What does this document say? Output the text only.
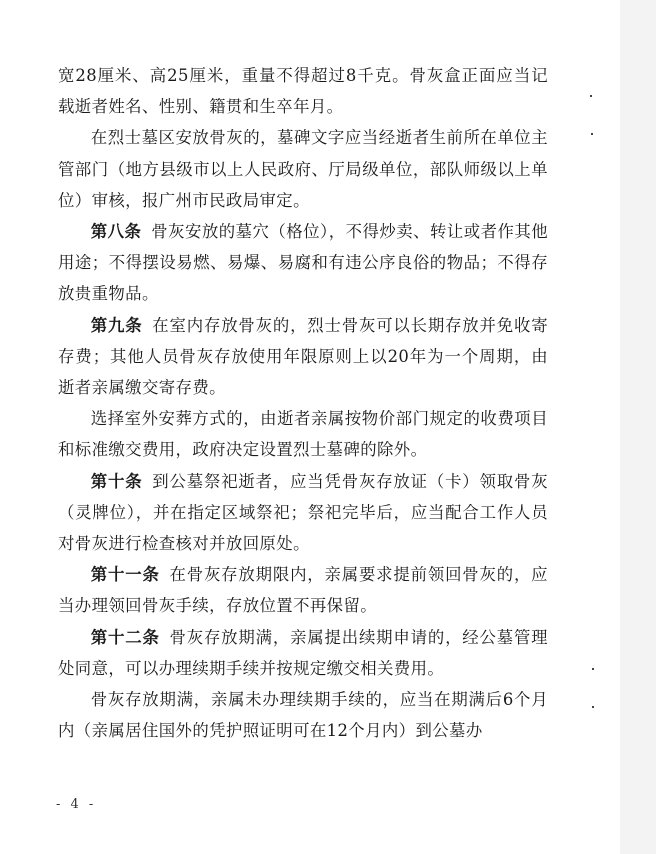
宽28厘米、高25厘米，重量不得超过8千克。骨灰盒正面应当记载逝者姓名、性别、籍贯和生卒年月。

在烈士墓区安放骨灰的，墓碑文字应当经逝者生前所在单位主管部门（地方县级市以上人民政府、厅局级单位，部队师级以上单位）审核，报广州市民政局审定。

第八条 骨灰安放的墓穴（格位），不得炒卖、转让或者作其他用途；不得摆设易燃、易爆、易腐和有违公序良俗的物品；不得存放贵重物品。

第九条 在室内存放骨灰的，烈士骨灰可以长期存放并免收寄存费；其他人员骨灰存放使用年限原则上以20年为一个周期，由逝者亲属缴交寄存费。

选择室外安葬方式的，由逝者亲属按物价部门规定的收费项目和标准缴交费用，政府决定设置烈士墓碑的除外。

第十条 到公墓祭祀逝者，应当凭骨灰存放证（卡）领取骨灰（灵牌位），并在指定区域祭祀；祭祀完毕后，应当配合工作人员对骨灰进行检查核对并放回原处。

第十一条 在骨灰存放期限内，亲属要求提前领回骨灰的，应当办理领回骨灰手续，存放位置不再保留。

第十二条 骨灰存放期满，亲属提出续期申请的，经公墓管理处同意，可以办理续期手续并按规定缴交相关费用。

骨灰存放期满，亲属未办理续期手续的，应当在期满后6个月内（亲属居住国外的凭护照证明可在12个月内）到公墓办

- 4 -
